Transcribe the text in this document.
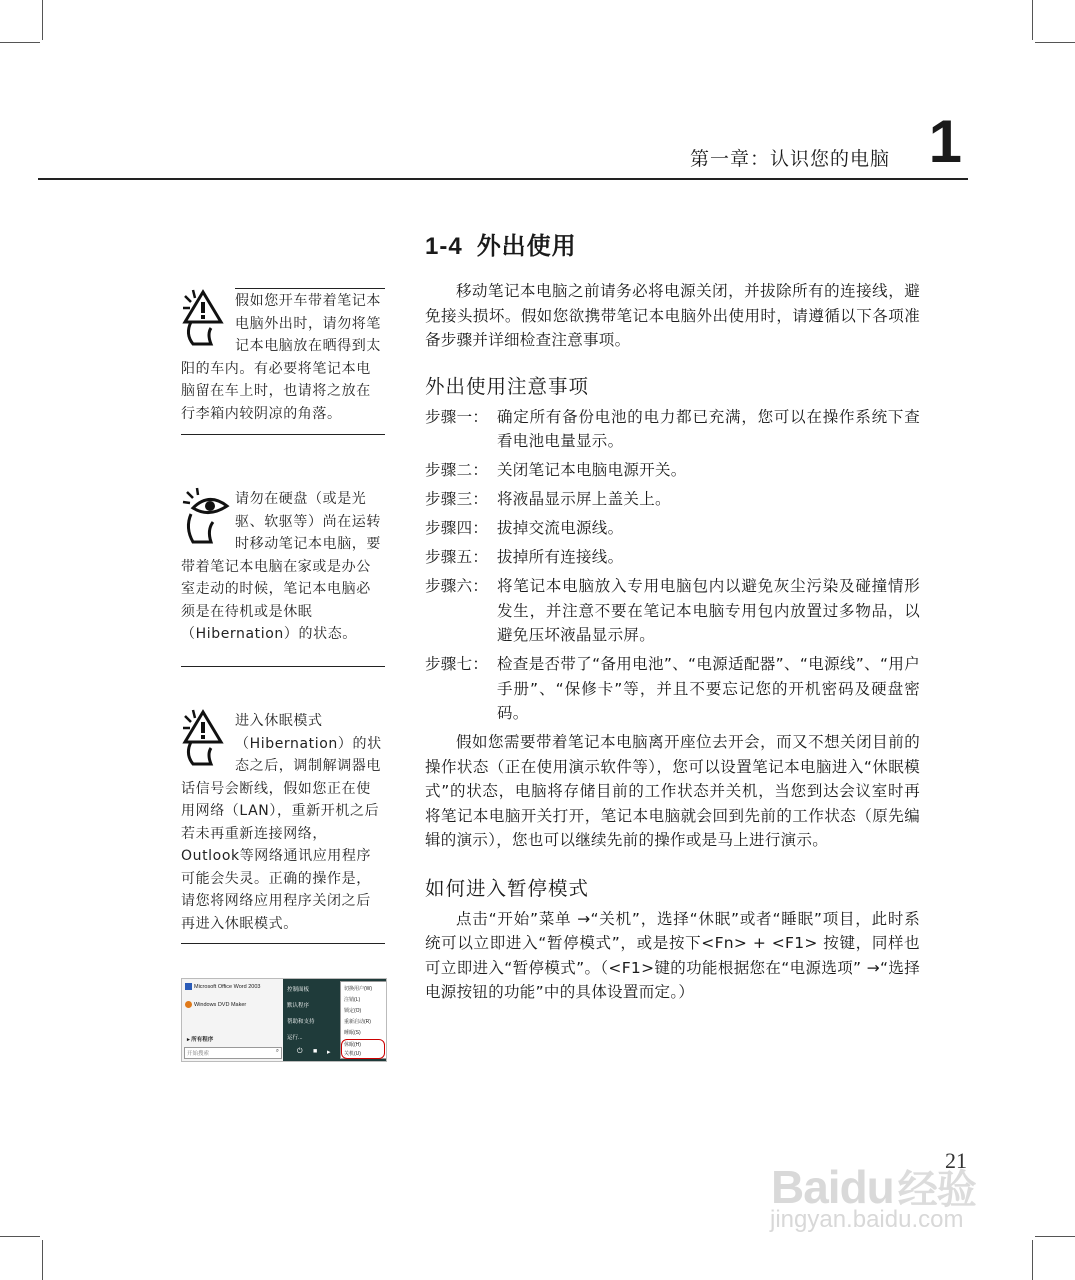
第一章：认识您的电脑 1
1-4 外出使用

移动笔记本电脑之前请务必将电源关闭，并拔除所有的连接线，避免接头损坏。假如您欲携带笔记本电脑外出使用时，请遵循以下各项准备步骤并详细检查注意事项。

外出使用注意事项
步骤一： 确定所有备份电池的电力都已充满，您可以在操作系统下查看电池电量显示。
步骤二： 关闭笔记本电脑电源开关。
步骤三： 将液晶显示屏上盖关上。
步骤四： 拔掉交流电源线。
步骤五： 拔掉所有连接线。
步骤六： 将笔记本电脑放入专用电脑包内以避免灰尘污染及碰撞情形发生，并注意不要在笔记本电脑专用包内放置过多物品，以避免压坏液晶显示屏。
步骤七： 检查是否带了“备用电池”、“电源适配器”、“电源线”、“用户手册”、“保修卡”等，并且不要忘记您的开机密码及硬盘密码。

假如您需要带着笔记本电脑离开座位去开会，而又不想关闭目前的操作状态（正在使用演示软件等），您可以设置笔记本电脑进入“休眠模式”的状态，电脑将存储目前的工作状态并关机，当您到达会议室时再将笔记本电脑开关打开，笔记本电脑就会回到先前的工作状态（原先编辑的演示），您也可以继续先前的操作或是马上进行演示。

如何进入暂停模式

点击“开始”菜单 →“关机”，选择“休眠”或者“睡眠”项目，此时系统可以立即进入“暂停模式”，或是按下<Fn> + <F1> 按键，同样也可立即进入“暂停模式”。（<F1>键的功能根据您在“电源选项” →“选择电源按钮的功能”中的具体设置而定。）

假如您开车带着笔记本电脑外出时，请勿将笔记本电脑放在晒得到太阳的车内。有必要将笔记本电脑留在车上时，也请将之放在行李箱内较阴凉的角落。
请勿在硬盘（或是光驱、软驱等）尚在运转时移动笔记本电脑，要带着笔记本电脑在家或是办公室走动的时候，笔记本电脑必须是在待机或是休眠（Hibernation）的状态。
进入休眠模式（Hibernation）的状态之后，调制解调器电话信号会断线，假如您正在使用网络（LAN），重新开机之后若未再重新连接网络，Outlook等网络通讯应用程序可能会失灵。正确的操作是，请您将网络应用程序关闭之后再进入休眠模式。
Microsoft Office Word 2003
Windows DVD Maker
▸ 所有程序
开始搜索	⌕
控制面板
默认程序
帮助和支持
运行...
⏻ ■ ▸
切换用户(W)
注销(L)
锁定(O)
重新启动(R)
睡眠(S)
休眠(H)
关机(U)
21
Baidu 经验
jingyan.baidu.com
